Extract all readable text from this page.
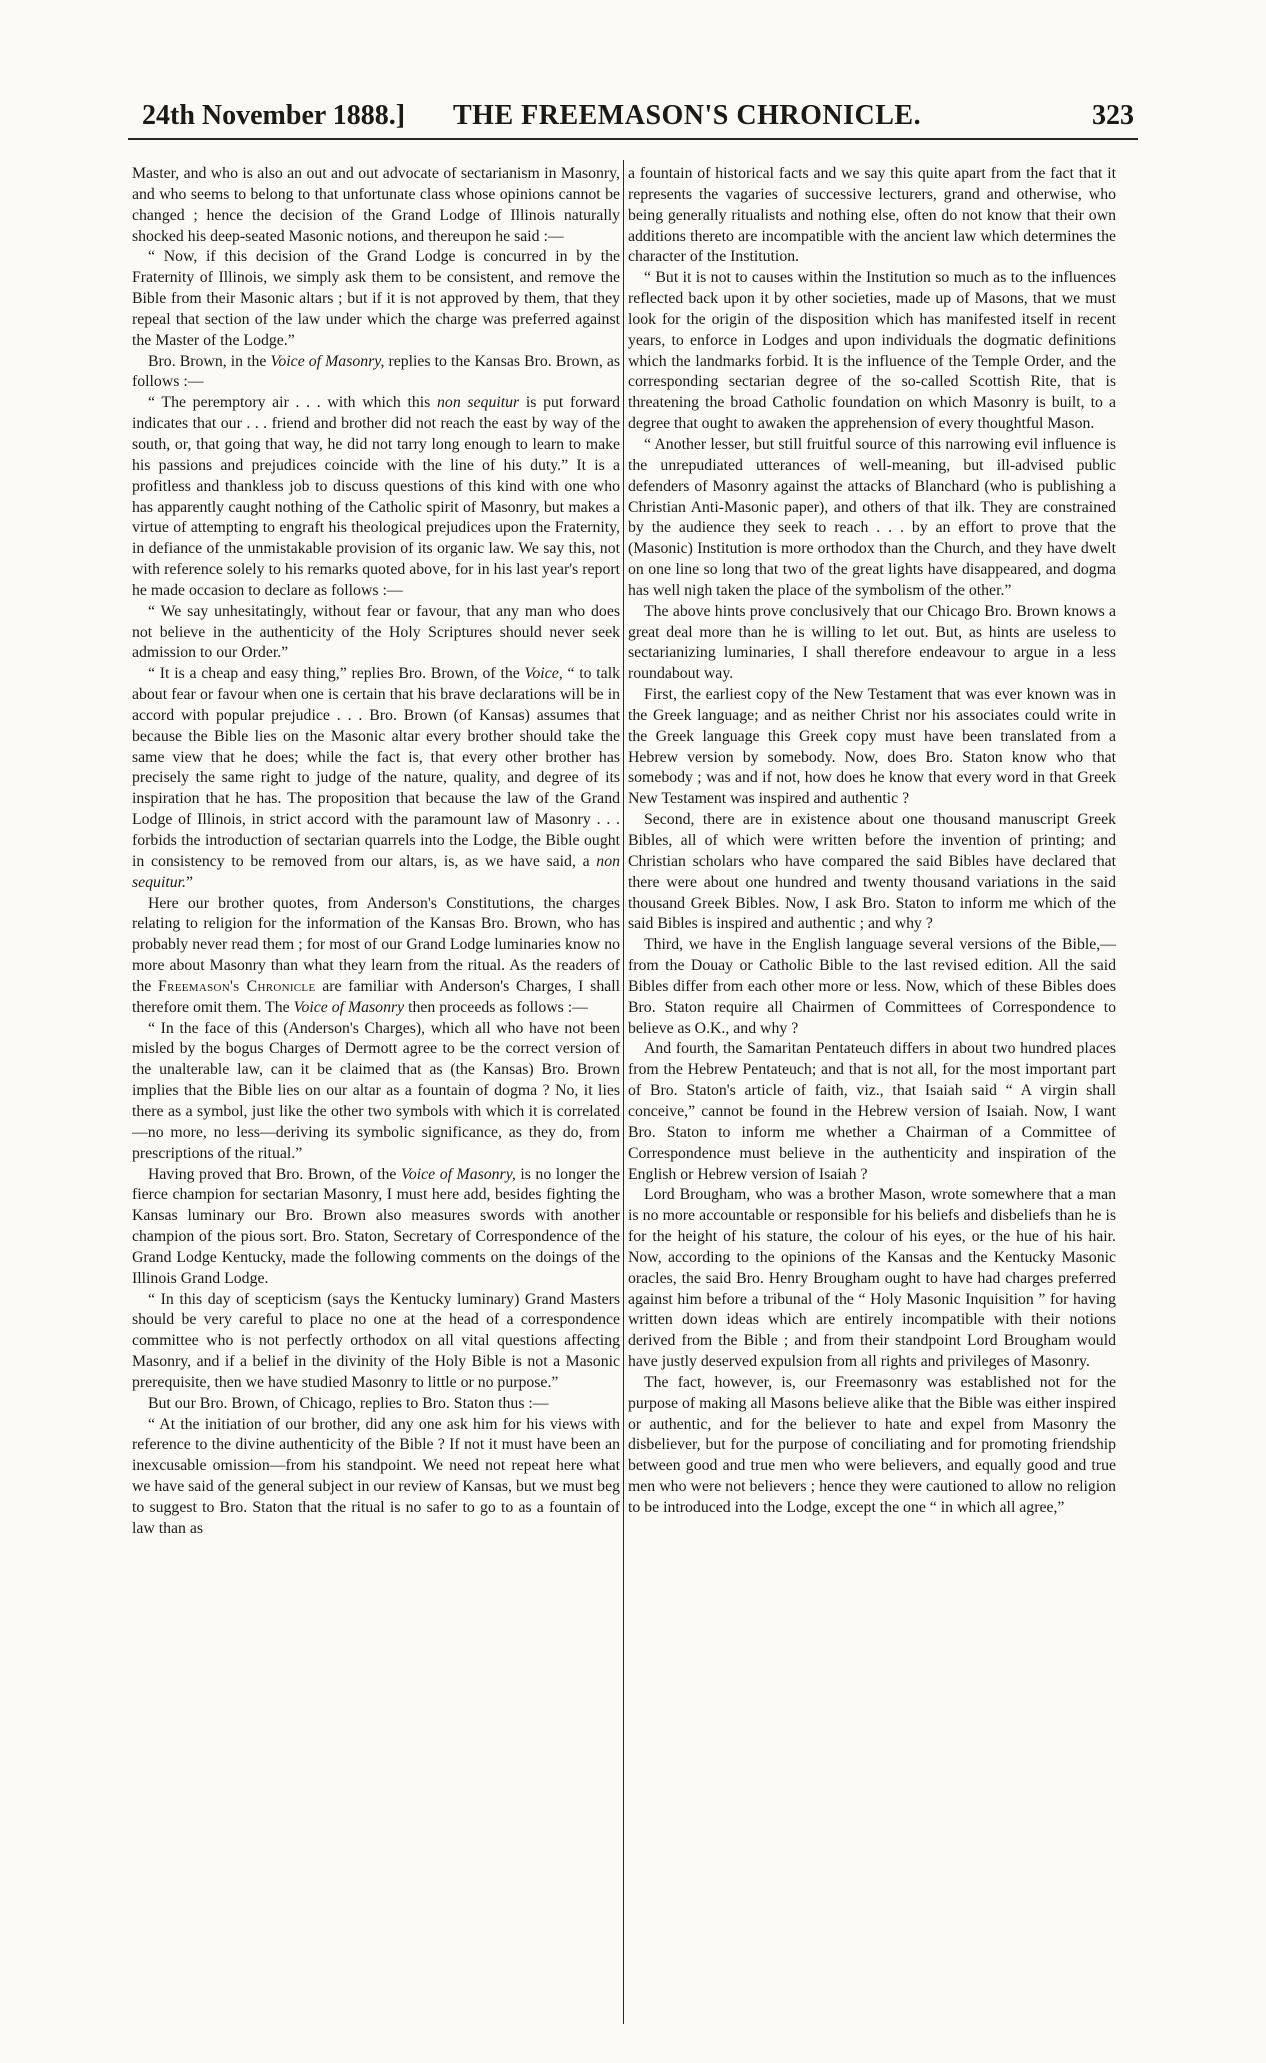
24th November 1888.] THE FREEMASON'S CHRONICLE.	323

Master, and who is also an out and out advocate of sectarianism in Masonry, and who seems to belong to that unfortunate class whose opinions cannot be changed ; hence the decision of the Grand Lodge of Illinois naturally shocked his deep-seated Masonic notions, and thereupon he said :—

“ Now, if this decision of the Grand Lodge is concurred in by the Fraternity of Illinois, we simply ask them to be consistent, and remove the Bible from their Masonic altars ; but if it is not approved by them, that they repeal that section of the law under which the charge was preferred against the Master of the Lodge.”

Bro. Brown, in the Voice of Masonry, replies to the Kansas Bro. Brown, as follows :—

“ The peremptory air . . . with which this non sequitur is put forward indicates that our . . . friend and brother did not reach the east by way of the south, or, that going that way, he did not tarry long enough to learn to make his passions and prejudices coincide with the line of his duty.” It is a profitless and thankless job to discuss questions of this kind with one who has apparently caught nothing of the Catholic spirit of Masonry, but makes a virtue of attempting to engraft his theological prejudices upon the Fraternity, in defiance of the unmistakable provision of its organic law. We say this, not with reference solely to his remarks quoted above, for in his last year's report he made occasion to declare as follows :—

“ We say unhesitatingly, without fear or favour, that any man who does not believe in the authenticity of the Holy Scriptures should never seek admission to our Order.”

“ It is a cheap and easy thing,” replies Bro. Brown, of the Voice, “ to talk about fear or favour when one is certain that his brave declarations will be in accord with popular prejudice . . . Bro. Brown (of Kansas) assumes that because the Bible lies on the Masonic altar every brother should take the same view that he does; while the fact is, that every other brother has precisely the same right to judge of the nature, quality, and degree of its inspiration that he has. The proposition that because the law of the Grand Lodge of Illinois, in strict accord with the paramount law of Masonry . . . forbids the introduction of sectarian quarrels into the Lodge, the Bible ought in consistency to be removed from our altars, is, as we have said, a non sequitur.”

Here our brother quotes, from Anderson's Constitutions, the charges relating to religion for the information of the Kansas Bro. Brown, who has probably never read them ; for most of our Grand Lodge luminaries know no more about Masonry than what they learn from the ritual. As the readers of the Freemason's Chronicle are familiar with Anderson's Charges, I shall therefore omit them. The Voice of Masonry then proceeds as follows :—

“ In the face of this (Anderson's Charges), which all who have not been misled by the bogus Charges of Dermott agree to be the correct version of the unalterable law, can it be claimed that as (the Kansas) Bro. Brown implies that the Bible lies on our altar as a fountain of dogma ? No, it lies there as a symbol, just like the other two symbols with which it is correlated—no more, no less—deriving its symbolic significance, as they do, from prescriptions of the ritual.”

Having proved that Bro. Brown, of the Voice of Masonry, is no longer the fierce champion for sectarian Masonry, I must here add, besides fighting the Kansas luminary our Bro. Brown also measures swords with another champion of the pious sort. Bro. Staton, Secretary of Correspondence of the Grand Lodge Kentucky, made the following comments on the doings of the Illinois Grand Lodge.

“ In this day of scepticism (says the Kentucky luminary) Grand Masters should be very careful to place no one at the head of a correspondence committee who is not perfectly orthodox on all vital questions affecting Masonry, and if a belief in the divinity of the Holy Bible is not a Masonic prerequisite, then we have studied Masonry to little or no purpose.”

But our Bro. Brown, of Chicago, replies to Bro. Staton thus :—

“ At the initiation of our brother, did any one ask him for his views with reference to the divine authenticity of the Bible ? If not it must have been an inexcusable omission—from his standpoint. We need not repeat here what we have said of the general subject in our review of Kansas, but we must beg to suggest to Bro. Staton that the ritual is no safer to go to as a fountain of law than as

a fountain of historical facts and we say this quite apart from the fact that it represents the vagaries of successive lecturers, grand and otherwise, who being generally ritualists and nothing else, often do not know that their own additions thereto are incompatible with the ancient law which determines the character of the Institution.

“ But it is not to causes within the Institution so much as to the influences reflected back upon it by other societies, made up of Masons, that we must look for the origin of the disposition which has manifested itself in recent years, to enforce in Lodges and upon individuals the dogmatic definitions which the landmarks forbid. It is the influence of the Temple Order, and the corresponding sectarian degree of the so-called Scottish Rite, that is threatening the broad Catholic foundation on which Masonry is built, to a degree that ought to awaken the apprehension of every thoughtful Mason.

“ Another lesser, but still fruitful source of this narrowing evil influence is the unrepudiated utterances of well-meaning, but ill-advised public defenders of Masonry against the attacks of Blanchard (who is publishing a Christian Anti-Masonic paper), and others of that ilk. They are constrained by the audience they seek to reach . . . by an effort to prove that the (Masonic) Institution is more orthodox than the Church, and they have dwelt on one line so long that two of the great lights have disappeared, and dogma has well nigh taken the place of the symbolism of the other.”

The above hints prove conclusively that our Chicago Bro. Brown knows a great deal more than he is willing to let out. But, as hints are useless to sectarianizing luminaries, I shall therefore endeavour to argue in a less roundabout way.

First, the earliest copy of the New Testament that was ever known was in the Greek language; and as neither Christ nor his associates could write in the Greek language this Greek copy must have been translated from a Hebrew version by somebody. Now, does Bro. Staton know who that somebody ; was and if not, how does he know that every word in that Greek New Testament was inspired and authentic ?

Second, there are in existence about one thousand manuscript Greek Bibles, all of which were written before the invention of printing; and Christian scholars who have compared the said Bibles have declared that there were about one hundred and twenty thousand variations in the said thousand Greek Bibles. Now, I ask Bro. Staton to inform me which of the said Bibles is inspired and authentic ; and why ?

Third, we have in the English language several versions of the Bible,—from the Douay or Catholic Bible to the last revised edition. All the said Bibles differ from each other more or less. Now, which of these Bibles does Bro. Staton require all Chairmen of Committees of Correspondence to believe as O.K., and why ?

And fourth, the Samaritan Pentateuch differs in about two hundred places from the Hebrew Pentateuch; and that is not all, for the most important part of Bro. Staton's article of faith, viz., that Isaiah said “ A virgin shall conceive,” cannot be found in the Hebrew version of Isaiah. Now, I want Bro. Staton to inform me whether a Chairman of a Committee of Correspondence must believe in the authenticity and inspiration of the English or Hebrew version of Isaiah ?

Lord Brougham, who was a brother Mason, wrote somewhere that a man is no more accountable or responsible for his beliefs and disbeliefs than he is for the height of his stature, the colour of his eyes, or the hue of his hair. Now, according to the opinions of the Kansas and the Kentucky Masonic oracles, the said Bro. Henry Brougham ought to have had charges preferred against him before a tribunal of the “ Holy Masonic Inquisition ” for having written down ideas which are entirely incompatible with their notions derived from the Bible ; and from their standpoint Lord Brougham would have justly deserved expulsion from all rights and privileges of Masonry.

The fact, however, is, our Freemasonry was established not for the purpose of making all Masons believe alike that the Bible was either inspired or authentic, and for the believer to hate and expel from Masonry the disbeliever, but for the purpose of conciliating and for promoting friendship between good and true men who were believers, and equally good and true men who were not believers ; hence they were cautioned to allow no religion to be introduced into the Lodge, except the one “ in which all agree,”
